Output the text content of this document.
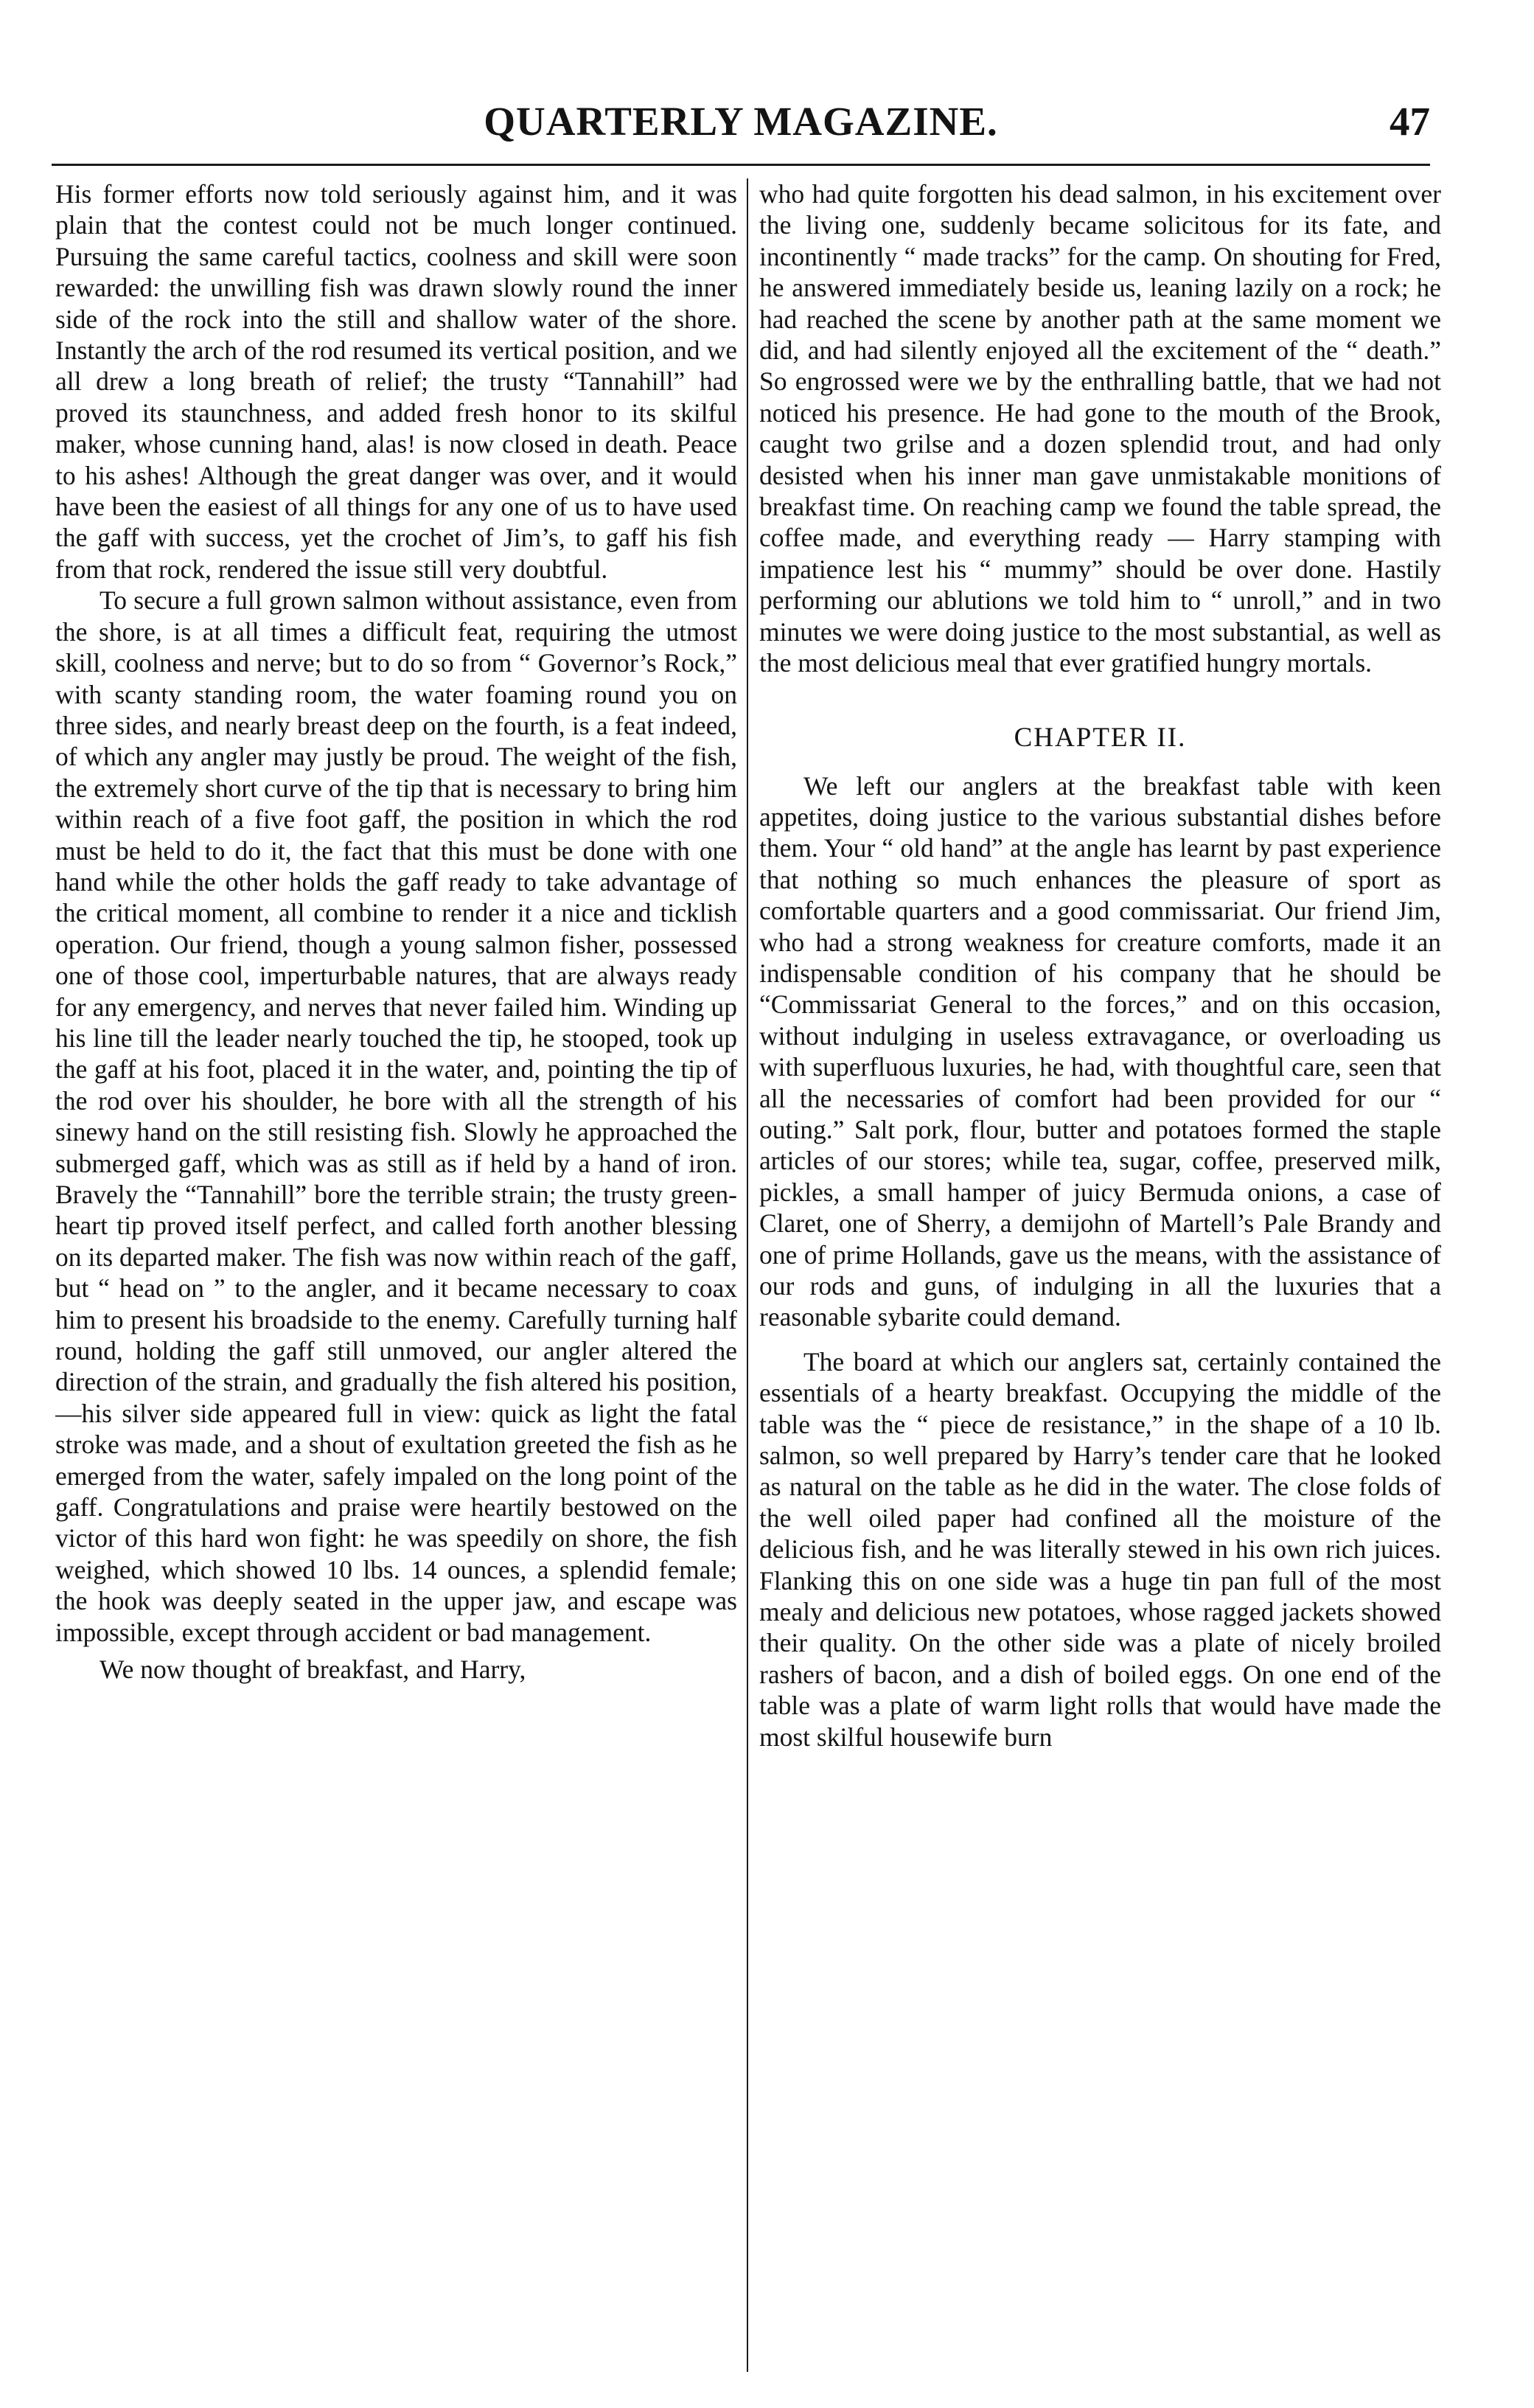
QUARTERLY MAGAZINE.	47

His former efforts now told seriously against him, and it was plain that the contest could not be much longer continued. Pursuing the same careful tactics, coolness and skill were soon rewarded: the unwilling fish was drawn slowly round the inner side of the rock into the still and shallow water of the shore. Instantly the arch of the rod resumed its vertical position, and we all drew a long breath of relief; the trusty “Tannahill” had proved its staunchness, and added fresh honor to its skilful maker, whose cunning hand, alas! is now closed in death. Peace to his ashes! Although the great danger was over, and it would have been the easiest of all things for any one of us to have used the gaff with success, yet the crochet of Jim’s, to gaff his fish from that rock, rendered the issue still very doubtful.

To secure a full grown salmon without assistance, even from the shore, is at all times a difficult feat, requiring the utmost skill, coolness and nerve; but to do so from “ Governor’s Rock,” with scanty standing room, the water foaming round you on three sides, and nearly breast deep on the fourth, is a feat indeed, of which any angler may justly be proud. The weight of the fish, the extremely short curve of the tip that is necessary to bring him within reach of a five foot gaff, the position in which the rod must be held to do it, the fact that this must be done with one hand while the other holds the gaff ready to take advantage of the critical moment, all combine to render it a nice and ticklish operation. Our friend, though a young salmon fisher, possessed one of those cool, imperturbable natures, that are always ready for any emergency, and nerves that never failed him. Winding up his line till the leader nearly touched the tip, he stooped, took up the gaff at his foot, placed it in the water, and, pointing the tip of the rod over his shoulder, he bore with all the strength of his sinewy hand on the still resisting fish. Slowly he approached the submerged gaff, which was as still as if held by a hand of iron. Bravely the “Tannahill” bore the terrible strain; the trusty green-heart tip proved itself perfect, and called forth another blessing on its departed maker. The fish was now within reach of the gaff, but “ head on ” to the angler, and it became necessary to coax him to present his broadside to the enemy. Carefully turning half round, holding the gaff still unmoved, our angler altered the direction of the strain, and gradually the fish altered his position,—his silver side appeared full in view: quick as light the fatal stroke was made, and a shout of exultation greeted the fish as he emerged from the water, safely impaled on the long point of the gaff. Congratulations and praise were heartily bestowed on the victor of this hard won fight: he was speedily on shore, the fish weighed, which showed 10 lbs. 14 ounces, a splendid female; the hook was deeply seated in the upper jaw, and escape was impossible, except through accident or bad management.

We now thought of breakfast, and Harry,

who had quite forgotten his dead salmon, in his excitement over the living one, suddenly became solicitous for its fate, and incontinently “ made tracks” for the camp. On shouting for Fred, he answered immediately beside us, leaning lazily on a rock; he had reached the scene by another path at the same moment we did, and had silently enjoyed all the excitement of the “ death.” So engrossed were we by the enthralling battle, that we had not noticed his presence. He had gone to the mouth of the Brook, caught two grilse and a dozen splendid trout, and had only desisted when his inner man gave unmistakable monitions of breakfast time. On reaching camp we found the table spread, the coffee made, and everything ready — Harry stamping with impatience lest his “ mummy” should be over done. Hastily performing our ablutions we told him to “ unroll,” and in two minutes we were doing justice to the most substantial, as well as the most delicious meal that ever gratified hungry mortals.

CHAPTER II.

We left our anglers at the breakfast table with keen appetites, doing justice to the various substantial dishes before them. Your “ old hand” at the angle has learnt by past experience that nothing so much enhances the pleasure of sport as comfortable quarters and a good commissariat. Our friend Jim, who had a strong weakness for creature comforts, made it an indispensable condition of his company that he should be “Commissariat General to the forces,” and on this occasion, without indulging in useless extravagance, or overloading us with superfluous luxuries, he had, with thoughtful care, seen that all the necessaries of comfort had been provided for our “ outing.” Salt pork, flour, butter and potatoes formed the staple articles of our stores; while tea, sugar, coffee, preserved milk, pickles, a small hamper of juicy Bermuda onions, a case of Claret, one of Sherry, a demijohn of Martell’s Pale Brandy and one of prime Hollands, gave us the means, with the assistance of our rods and guns, of indulging in all the luxuries that a reasonable sybarite could demand.

The board at which our anglers sat, certainly contained the essentials of a hearty breakfast. Occupying the middle of the table was the “ piece de resistance,” in the shape of a 10 lb. salmon, so well prepared by Harry’s tender care that he looked as natural on the table as he did in the water. The close folds of the well oiled paper had confined all the moisture of the delicious fish, and he was literally stewed in his own rich juices. Flanking this on one side was a huge tin pan full of the most mealy and delicious new potatoes, whose ragged jackets showed their quality. On the other side was a plate of nicely broiled rashers of bacon, and a dish of boiled eggs. On one end of the table was a plate of warm light rolls that would have made the most skilful housewife burn
